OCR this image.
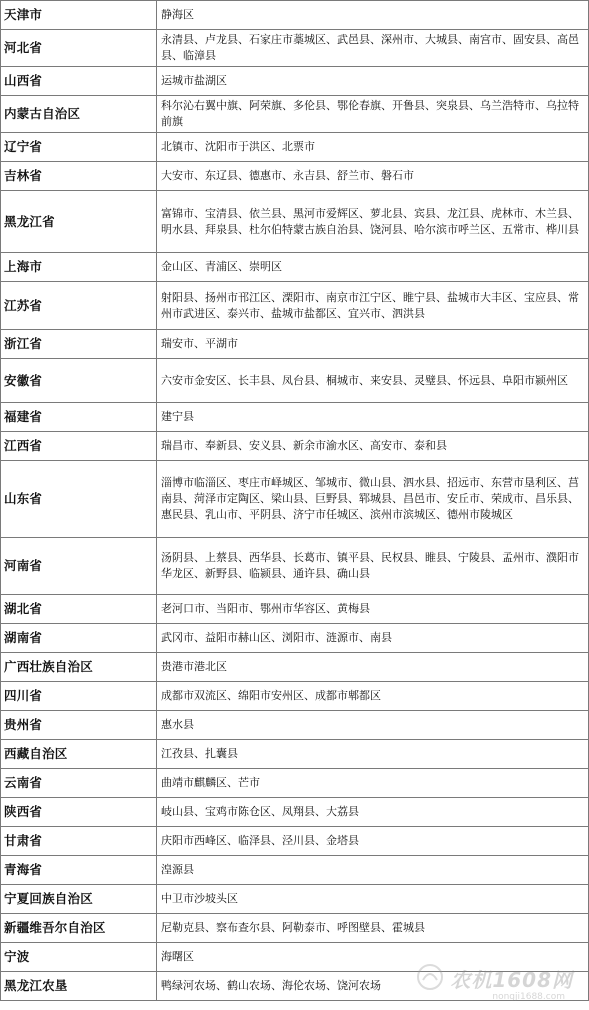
天津市	静海区
河北省	永清县、卢龙县、石家庄市藁城区、武邑县、深州市、大城县、南宫市、固安县、高邑县、临漳县
山西省	运城市盐湖区
内蒙古自治区	科尔沁右翼中旗、阿荣旗、多伦县、鄂伦春旗、开鲁县、突泉县、乌兰浩特市、乌拉特前旗
辽宁省	北镇市、沈阳市于洪区、北票市
吉林省	大安市、东辽县、德惠市、永吉县、舒兰市、磐石市
黑龙江省	富锦市、宝清县、依兰县、黑河市爱辉区、萝北县、宾县、龙江县、虎林市、木兰县、明水县、拜泉县、杜尔伯特蒙古族自治县、饶河县、哈尔滨市呼兰区、五常市、桦川县
上海市	金山区、青浦区、崇明区
江苏省	射阳县、扬州市邗江区、溧阳市、南京市江宁区、睢宁县、盐城市大丰区、宝应县、常州市武进区、泰兴市、盐城市盐都区、宜兴市、泗洪县
浙江省	瑞安市、平湖市
安徽省	六安市金安区、长丰县、凤台县、桐城市、来安县、灵璧县、怀远县、阜阳市颍州区
福建省	建宁县
江西省	瑞昌市、奉新县、安义县、新余市渝水区、高安市、泰和县
山东省	淄博市临淄区、枣庄市峄城区、邹城市、微山县、泗水县、招远市、东营市垦利区、莒南县、菏泽市定陶区、梁山县、巨野县、郓城县、昌邑市、安丘市、荣成市、昌乐县、惠民县、乳山市、平阴县、济宁市任城区、滨州市滨城区、德州市陵城区
河南省	汤阴县、上蔡县、西华县、长葛市、镇平县、民权县、睢县、宁陵县、孟州市、濮阳市华龙区、新野县、临颍县、通许县、确山县
湖北省	老河口市、当阳市、鄂州市华容区、黄梅县
湖南省	武冈市、益阳市赫山区、浏阳市、涟源市、南县
广西壮族自治区	贵港市港北区
四川省	成都市双流区、绵阳市安州区、成都市郫都区
贵州省	惠水县
西藏自治区	江孜县、扎囊县
云南省	曲靖市麒麟区、芒市
陕西省	岐山县、宝鸡市陈仓区、凤翔县、大荔县
甘肃省	庆阳市西峰区、临泽县、泾川县、金塔县
青海省	湟源县
宁夏回族自治区	中卫市沙坡头区
新疆维吾尔自治区	尼勒克县、察布查尔县、阿勒泰市、呼图壁县、霍城县
宁波	海曙区
黑龙江农垦	鸭绿河农场、鹤山农场、海伦农场、饶河农场	农机1608网
nongji1688.com
